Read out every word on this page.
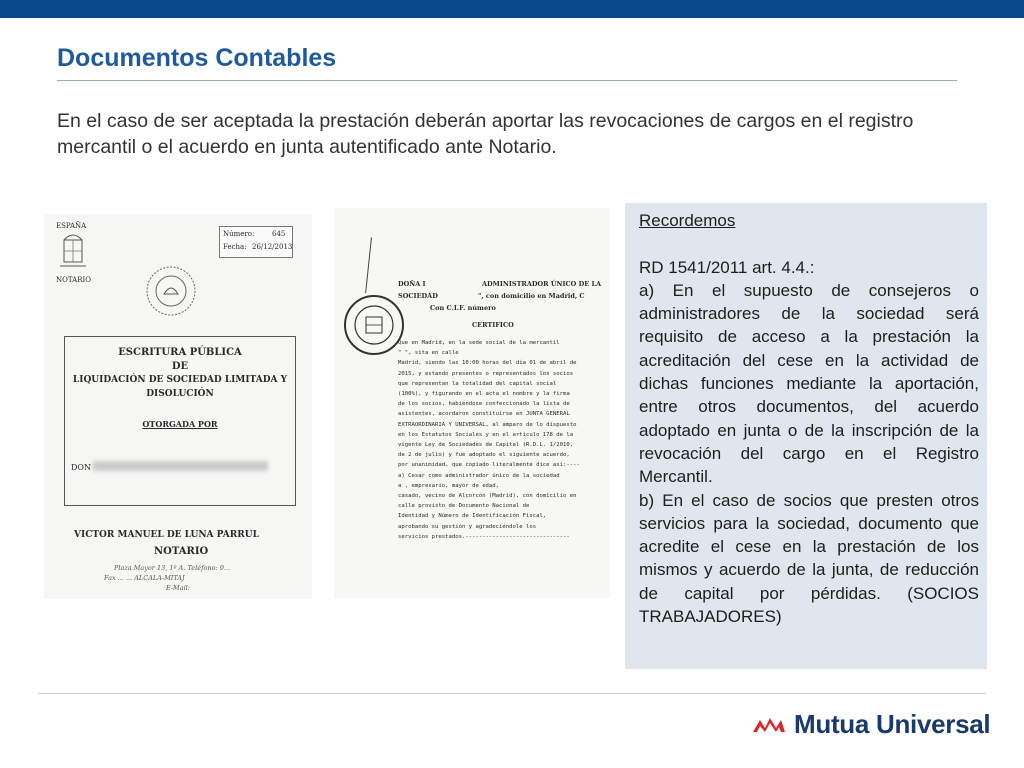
Documentos Contables
En el caso de ser aceptada la prestación deberán aportar las revocaciones de cargos en el registro mercantil o el acuerdo en junta autentificado ante Notario.
ESPAÑA
NOTARIO
Número:	645
Fecha: 26/12/2013
ESCRITURA PÚBLICA
DE
LIQUIDACIÓN DE SOCIEDAD LIMITADA Y
DISOLUCIÓN
OTORGADA POR
DON
VICTOR MANUEL DE LUNA PARRUL
NOTARIO
Plaza Mayor 13, 1º A. Teléfono: 9...
Fax ... ... ALCALA-MITAJ
E-Mail:
DOÑA I	ADMINISTRADOR ÚNICO DE LA
SOCIEDAD	", con domicilio en Madrid, C
Con C.I.F. número
CERTIFICO
Que en Madrid, en la sede social de la mercantil
" ", sita en calle
Madrid, siendo las 10:00 horas del día 01 de abril de
2015, y estando presentes o representados los socios
que representan la totalidad del capital social
(100%), y figurando en el acta el nombre y la firma
de los socios, habiéndose confeccionado la lista de
asistentes, acordaron constituirse en JUNTA GENERAL
EXTRAORDINARIA Y UNIVERSAL, al amparo de lo dispuesto
en los Estatutos Sociales y en el artículo 178 de la
vigente Ley de Sociedades de Capital (R.D.L. 1/2010,
de 2 de julio) y fue adoptado el siguiente acuerdo,
por unanimidad, que copiado literalmente dice así:----
a) Cesar como administrador único de la sociedad
a , empresario, mayor de edad,
casado, vecino de Alcorcón (Madrid), con domicilio en
calle provisto de Documento Nacional de
Identidad y Número de Identificación Fiscal,
aprobando su gestión y agradeciéndole los
servicios prestados.-------------------------------

Recordemos

RD 1541/2011 art. 4.4.:

a) En el supuesto de consejeros o administradores de la sociedad será requisito de acceso a la prestación la acreditación del cese en la actividad de dichas funciones mediante la aportación, entre otros documentos, del acuerdo adoptado en junta o de la inscripción de la revocación del cargo en el Registro Mercantil.

b) En el caso de socios que presten otros servicios para la sociedad, documento que acredite el cese en la prestación de los mismos y acuerdo de la junta, de reducción de capital por pérdidas. (SOCIOS TRABAJADORES)

Mutua Universal
